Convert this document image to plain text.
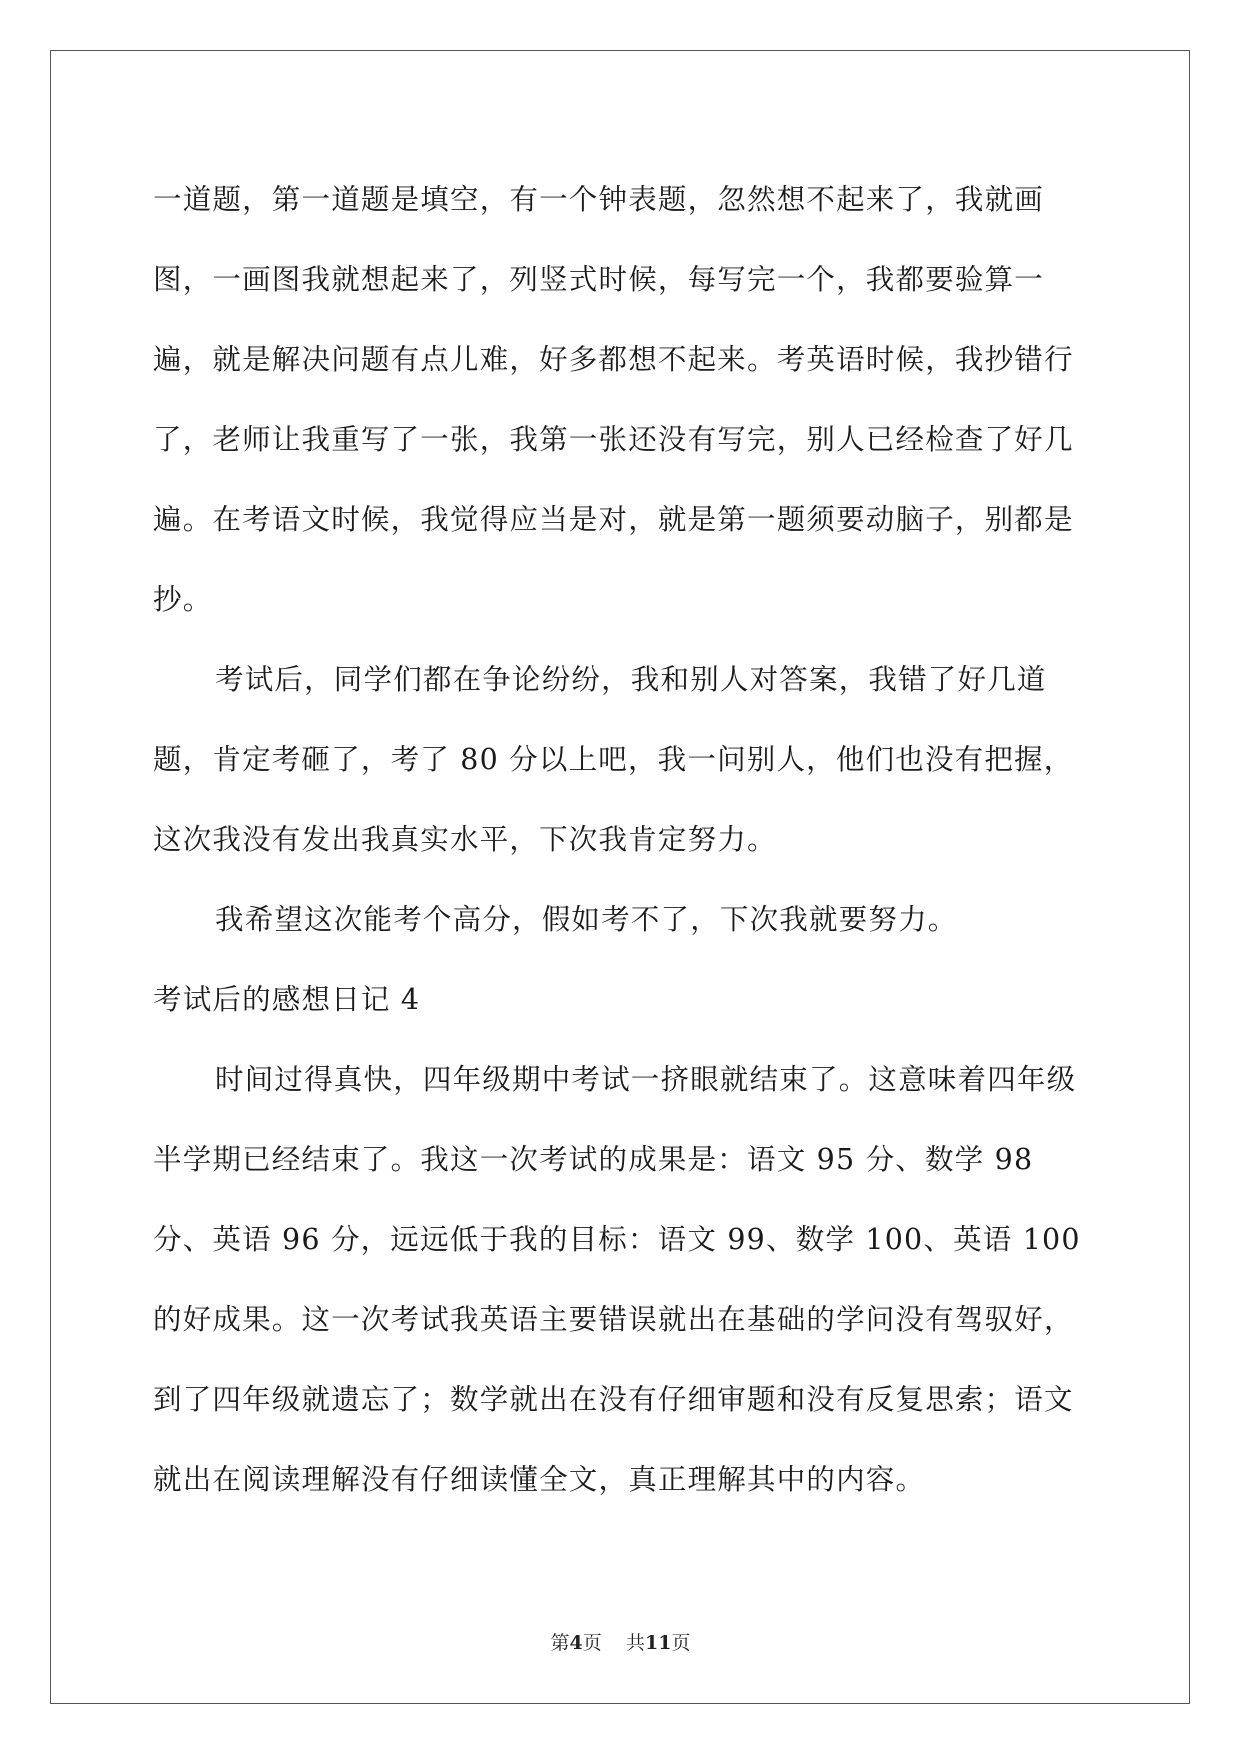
一道题，第一道题是填空，有一个钟表题，忽然想不起来了，我就画图，一画图我就想起来了，列竖式时候，每写完一个，我都要验算一遍，就是解决问题有点儿难，好多都想不起来。考英语时候，我抄错行了，老师让我重写了一张，我第一张还没有写完，别人已经检查了好几遍。在考语文时候，我觉得应当是对，就是第一题须要动脑子，别都是抄。

考试后，同学们都在争论纷纷，我和别人对答案，我错了好几道题，肯定考砸了，考了 80 分以上吧，我一问别人，他们也没有把握，这次我没有发出我真实水平，下次我肯定努力。

我希望这次能考个高分，假如考不了，下次我就要努力。

考试后的感想日记 4

时间过得真快，四年级期中考试一挤眼就结束了。这意味着四年级半学期已经结束了。我这一次考试的成果是：语文 95 分、数学 98 分、英语 96 分，远远低于我的目标：语文 99、数学 100、英语 100 的好成果。这一次考试我英语主要错误就出在基础的学问没有驾驭好，到了四年级就遗忘了；数学就出在没有仔细审题和没有反复思索；语文就出在阅读理解没有仔细读懂全文，真正理解其中的内容。

第4页 共11页
